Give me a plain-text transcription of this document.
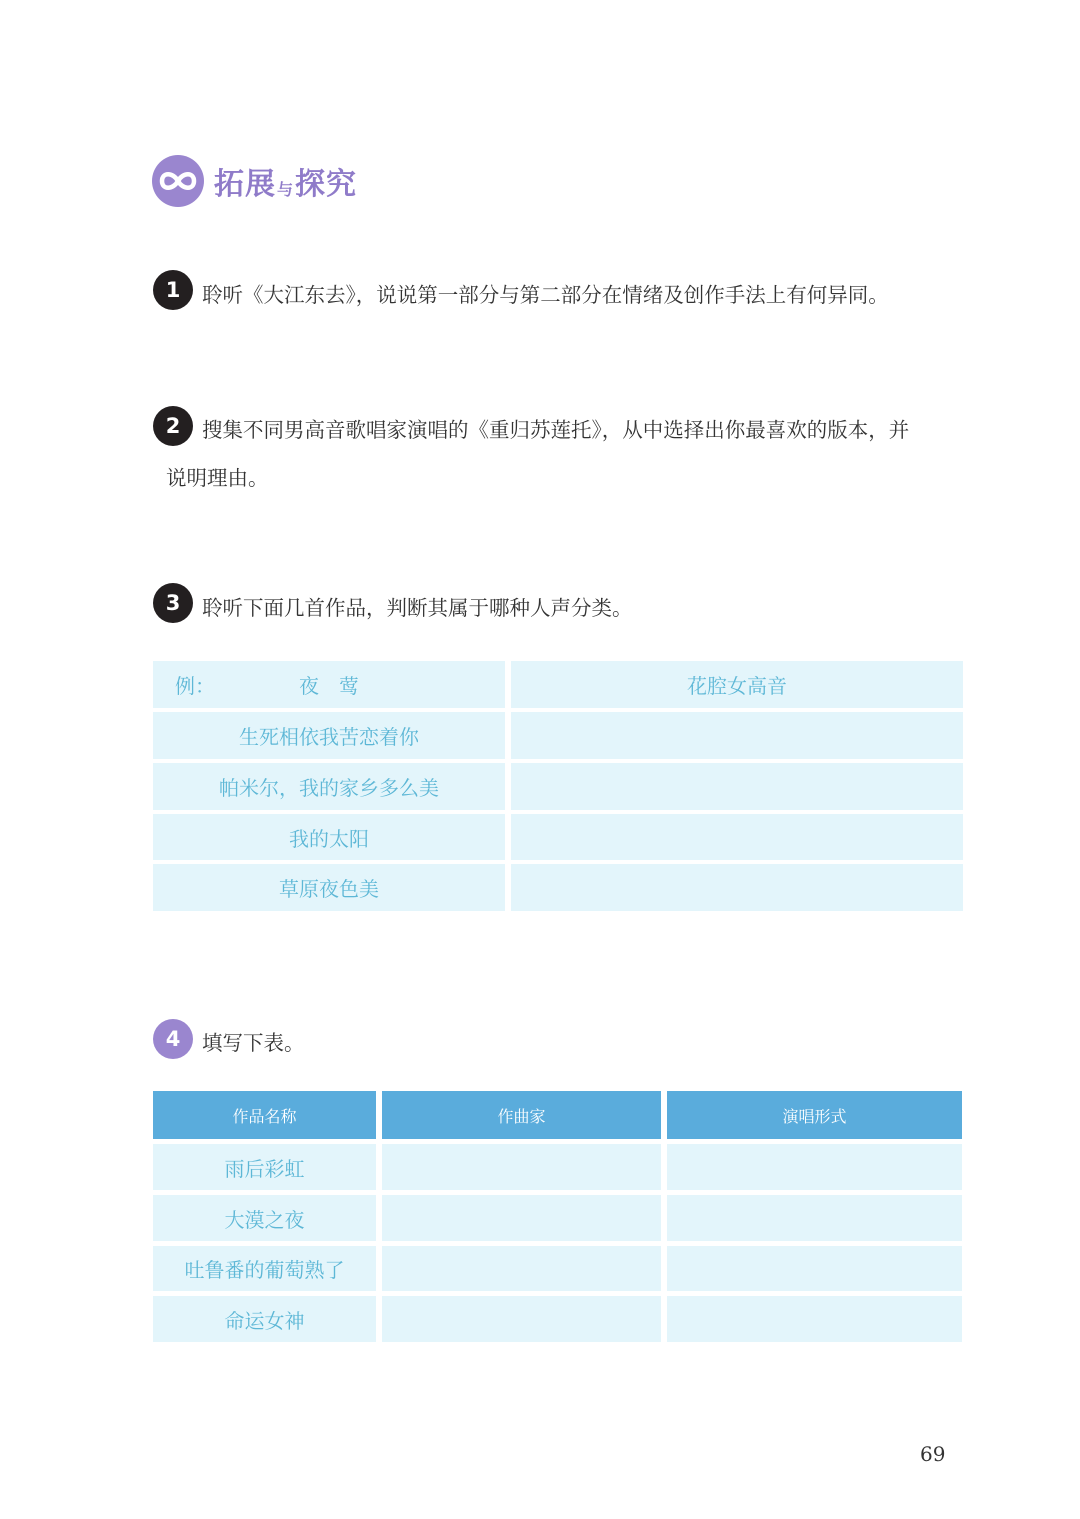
拓展 与 探究
1	聆听《大江东去》，说说第一部分与第二部分在情绪及创作手法上有何异同。
2	搜集不同男高音歌唱家演唱的《重归苏莲托》，从中选择出你最喜欢的版本，并
说明理由。
3	聆听下面几首作品，判断其属于哪种人声分类。
例：	夜　莺	花腔女高音
生死相依我苦恋着你
帕米尔，我的家乡多么美
我的太阳
草原夜色美
4	填写下表。
作品名称	作曲家	演唱形式
雨后彩虹
大漠之夜
吐鲁番的葡萄熟了
命运女神
69
